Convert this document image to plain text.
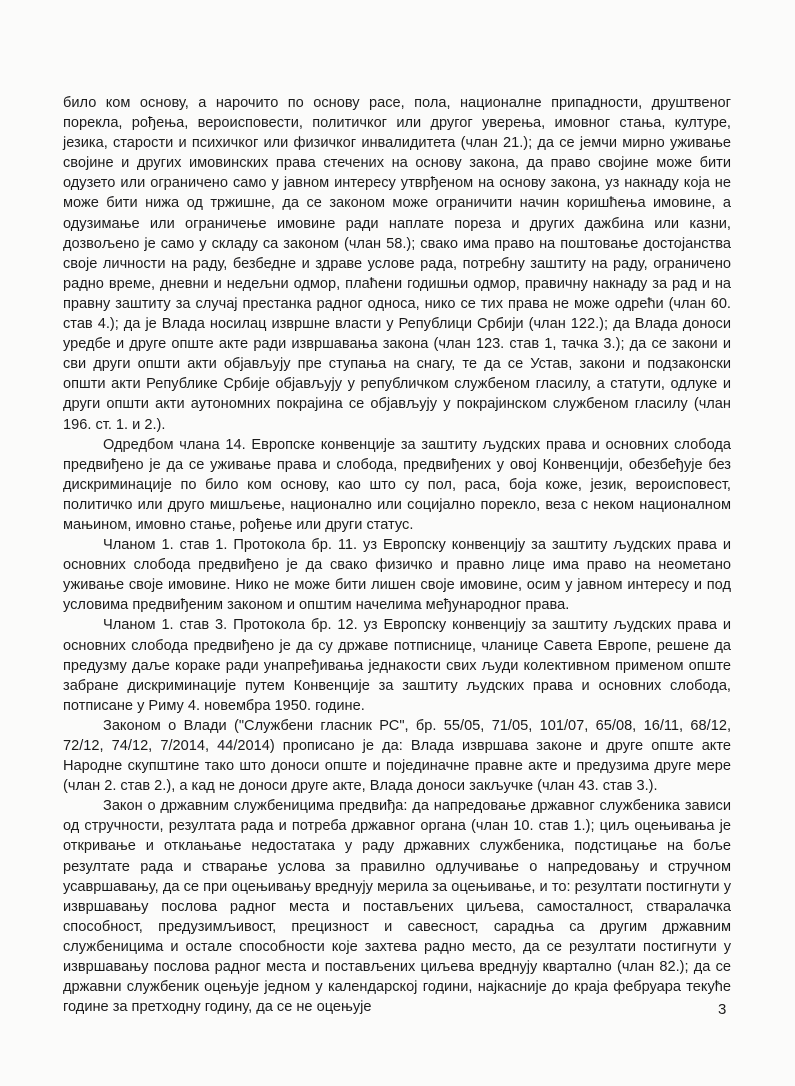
било ком основу, а нарочито по основу расе, пола, националне припадности, друштвеног порекла, рођења, вероисповести, политичког или другог уверења, имовног стања, културе, језика, старости и психичког или физичког инвалидитета (члан 21.); да се јемчи мирно уживање својине и других имовинских права стечених на основу закона, да право својине може бити одузето или ограничено само у јавном интересу утврђеном на основу закона, уз накнаду која не може бити нижа од тржишне, да се законом може ограничити начин коришћења имовине, а одузимање или ограничење имовине ради наплате пореза и других дажбина или казни, дозвољено је само у складу са законом (члан 58.); свако има право на поштовање достојанства своје личности на раду, безбедне и здраве услове рада, потребну заштиту на раду, ограничено радно време, дневни и недељни одмор, плаћени годишњи одмор, правичну накнаду за рад и на правну заштиту за случај престанка радног односа, нико се тих права не може одрећи (члан 60. став 4.); да је Влада носилац извршне власти у Републици Србији (члан 122.); да Влада доноси уредбе и друге опште акте ради извршавања закона (члан 123. став 1, тачка 3.); да се закони и сви други општи акти објављују пре ступања на снагу, те да се Устав, закони и подзаконски општи акти Републике Србије објављују у републичком службеном гласилу, а статути, одлуке и други општи акти аутономних покрајина се објављују у покрајинском службеном гласилу (члан 196. ст. 1. и 2.).

Одредбом члана 14. Европске конвенције за заштиту људских права и основних слобода предвиђено је да се уживање права и слобода, предвиђених у овој Конвенцији, обезбеђује без дискриминације по било ком основу, као што су пол, раса, боја коже, језик, вероисповест, политичко или друго мишљење, национално или социјално порекло, веза с неком националном мањином, имовно стање, рођење или други статус.

Чланом 1. став 1. Протокола бр. 11. уз Европску конвенцију за заштиту људских права и основних слобода предвиђено је да свако физичко и правно лице има право на неометано уживање своје имовине. Нико не може бити лишен своје имовине, осим у јавном интересу и под условима предвиђеним законом и општим начелима међународног права.

Чланом 1. став 3. Протокола бр. 12. уз Европску конвенцију за заштиту људских права и основних слобода предвиђено је да су државе потписнице, чланице Савета Европе, решене да предузму даље кораке ради унапређивања једнакости свих људи колективном применом опште забране дискриминације путем Конвенције за заштиту људских права и основних слобода, потписане у Риму 4. новембра 1950. године.

Законом о Влади ("Службени гласник РС", бр. 55/05, 71/05, 101/07, 65/08, 16/11, 68/12, 72/12, 74/12, 7/2014, 44/2014) прописано је да: Влада извршава законе и друге опште акте Народне скупштине тако што доноси опште и појединачне правне акте и предузима друге мере (члан 2. став 2.), а кад не доноси друге акте, Влада доноси закључке (члан 43. став 3.).

Закон о државним службеницима предвиђа: да напредовање државног службеника зависи од стручности, резултата рада и потреба државног органа (члан 10. став 1.); циљ оцењивања је откривање и отклањање недостатака у раду државних службеника, подстицање на боље резултате рада и стварање услова за правилно одлучивање о напредовању и стручном усавршавању, да се при оцењивању вреднују мерила за оцењивање, и то: резултати постигнути у извршавању послова радног места и постављених циљева, самосталност, стваралачка способност, предузимљивост, прецизност и савесност, сарадња са другим државним службеницима и остале способности које захтева радно место, да се резултати постигнути у извршавању послова радног места и постављених циљева вреднују квартално (члан 82.); да се државни службеник оцењује једном у календарској години, најкасније до краја фебруара текуће године за претходну годину, да се не оцењује	3
